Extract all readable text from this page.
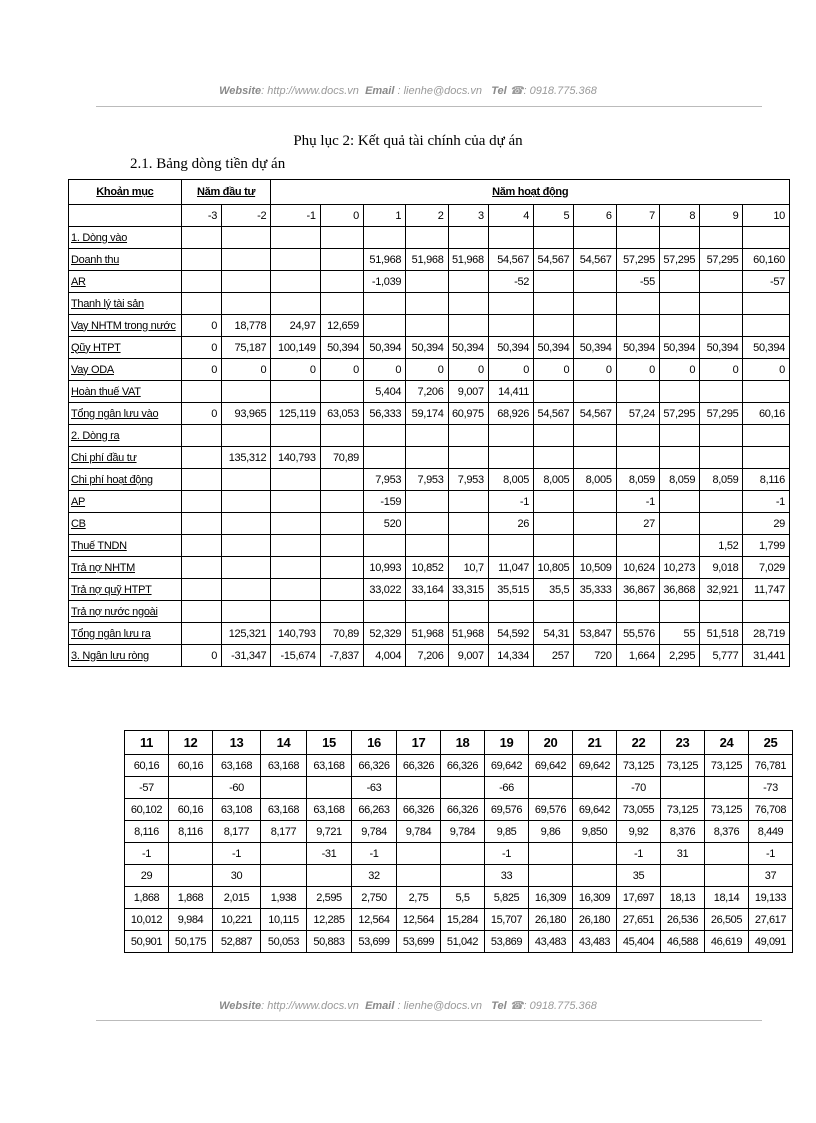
Website: http://www.docs.vn Email : lienhe@docs.vn Tel ☎: 0918.775.368
Phụ lục 2: Kết quả tài chính của dự án
2.1. Bảng dòng tiền dự án
Khoản mục	Năm đầu tư		Năm hoạt động											
	-3	-2	-1	0	1	2	3	4	5	6	7	8	9	10
1. Dòng vào														
Doanh thu					51,968	51,968	51,968	54,567	54,567	54,567	57,295	57,295	57,295	60,160
AR					-1,039			-52			-55			-57
Thanh lý tài sản														
Vay NHTM trong nước	0	18,778	24,97	12,659										
Qũy HTPT	0	75,187	100,149	50,394	50,394	50,394	50,394	50,394	50,394	50,394	50,394	50,394	50,394	50,394
Vay ODA	0	0	0	0	0	0	0	0	0	0	0	0	0	0
Hoàn thuế VAT					5,404	7,206	9,007	14,411						
Tổng ngân lưu vào	0	93,965	125,119	63,053	56,333	59,174	60,975	68,926	54,567	54,567	57,24	57,295	57,295	60,16
2. Dòng ra														
Chi phí đầu tư		135,312	140,793	70,89										
Chi phí hoạt động					7,953	7,953	7,953	8,005	8,005	8,005	8,059	8,059	8,059	8,116
AP					-159			-1			-1			-1
CB					520			26			27			29
Thuế TNDN													1,52	1,799
Trả nợ NHTM					10,993	10,852	10,7	11,047	10,805	10,509	10,624	10,273	9,018	7,029
Trả nợ quỹ HTPT					33,022	33,164	33,315	35,515	35,5	35,333	36,867	36,868	32,921	11,747
Trả nợ nước ngoài														
Tổng ngân lưu ra		125,321	140,793	70,89	52,329	51,968	51,968	54,592	54,31	53,847	55,576	55	51,518	28,719
3. Ngân lưu ròng	0	-31,347	-15,674	-7,837	4,004	7,206	9,007	14,334	257	720	1,664	2,295	5,777	31,441
11	12	13	14	15	16	17	18	19	20	21	22	23	24	25
60,16	60,16	63,168	63,168	63,168	66,326	66,326	66,326	69,642	69,642	69,642	73,125	73,125	73,125	76,781
-57		-60			-63			-66			-70			-73
60,102	60,16	63,108	63,168	63,168	66,263	66,326	66,326	69,576	69,576	69,642	73,055	73,125	73,125	76,708
8,116	8,116	8,177	8,177	9,721	9,784	9,784	9,784	9,85	9,86	9,850	9,92	8,376	8,376	8,449
-1		-1		-31	-1			-1			-1	31		-1
29		30			32			33			35			37
1,868	1,868	2,015	1,938	2,595	2,750	2,75	5,5	5,825	16,309	16,309	17,697	18,13	18,14	19,133
10,012	9,984	10,221	10,115	12,285	12,564	12,564	15,284	15,707	26,180	26,180	27,651	26,536	26,505	27,617
50,901	50,175	52,887	50,053	50,883	53,699	53,699	51,042	53,869	43,483	43,483	45,404	46,588	46,619	49,091
Website: http://www.docs.vn Email : lienhe@docs.vn Tel ☎: 0918.775.368
